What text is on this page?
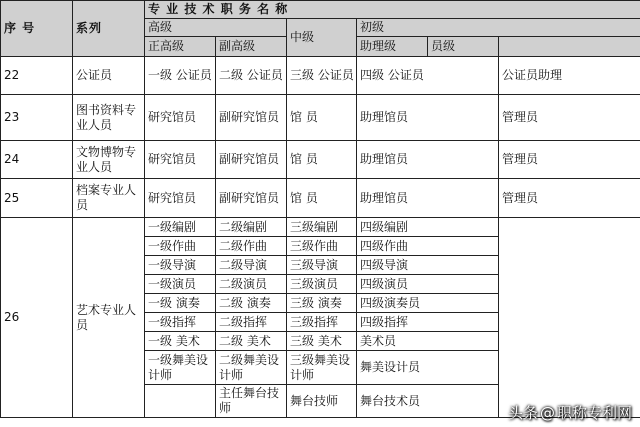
序 号	系列	专 业 技 术 职 务 名 称					
		高级		中级	初级		
		正高级	副高级		助理级	员级	
22	公证员	一级 公证员	二级 公证员	三级 公证员	四级 公证员		公证员助理
23	图书资料专业人员	研究馆员	副研究馆员	馆 员	助理馆员		管理员
24	文物博物专业人员	研究馆员	副研究馆员	馆 员	助理馆员		管理员
25	档案专业人员	研究馆员	副研究馆员	馆 员	助理馆员		管理员
26	艺术专业人员	一级编剧	二级编剧	三级编剧	四级编剧		
		一级作曲	二级作曲	三级作曲	四级作曲		
		一级导演	二级导演	三级导演	四级导演		
		一级演员	二级演员	三级演员	四级演员		
		一级 演奏	二级 演奏	三级 演奏	四级演奏员		
		一级指挥	二级指挥	三级指挥	四级指挥		
		一级 美术	二级 美术	三级 美术	美术员		
		一级舞美设计师	二级舞美设计师	三级舞美设计师	舞美设计员		
			主任舞台技师	舞台技师	舞台技术员		
头条 @ 职称专利网
